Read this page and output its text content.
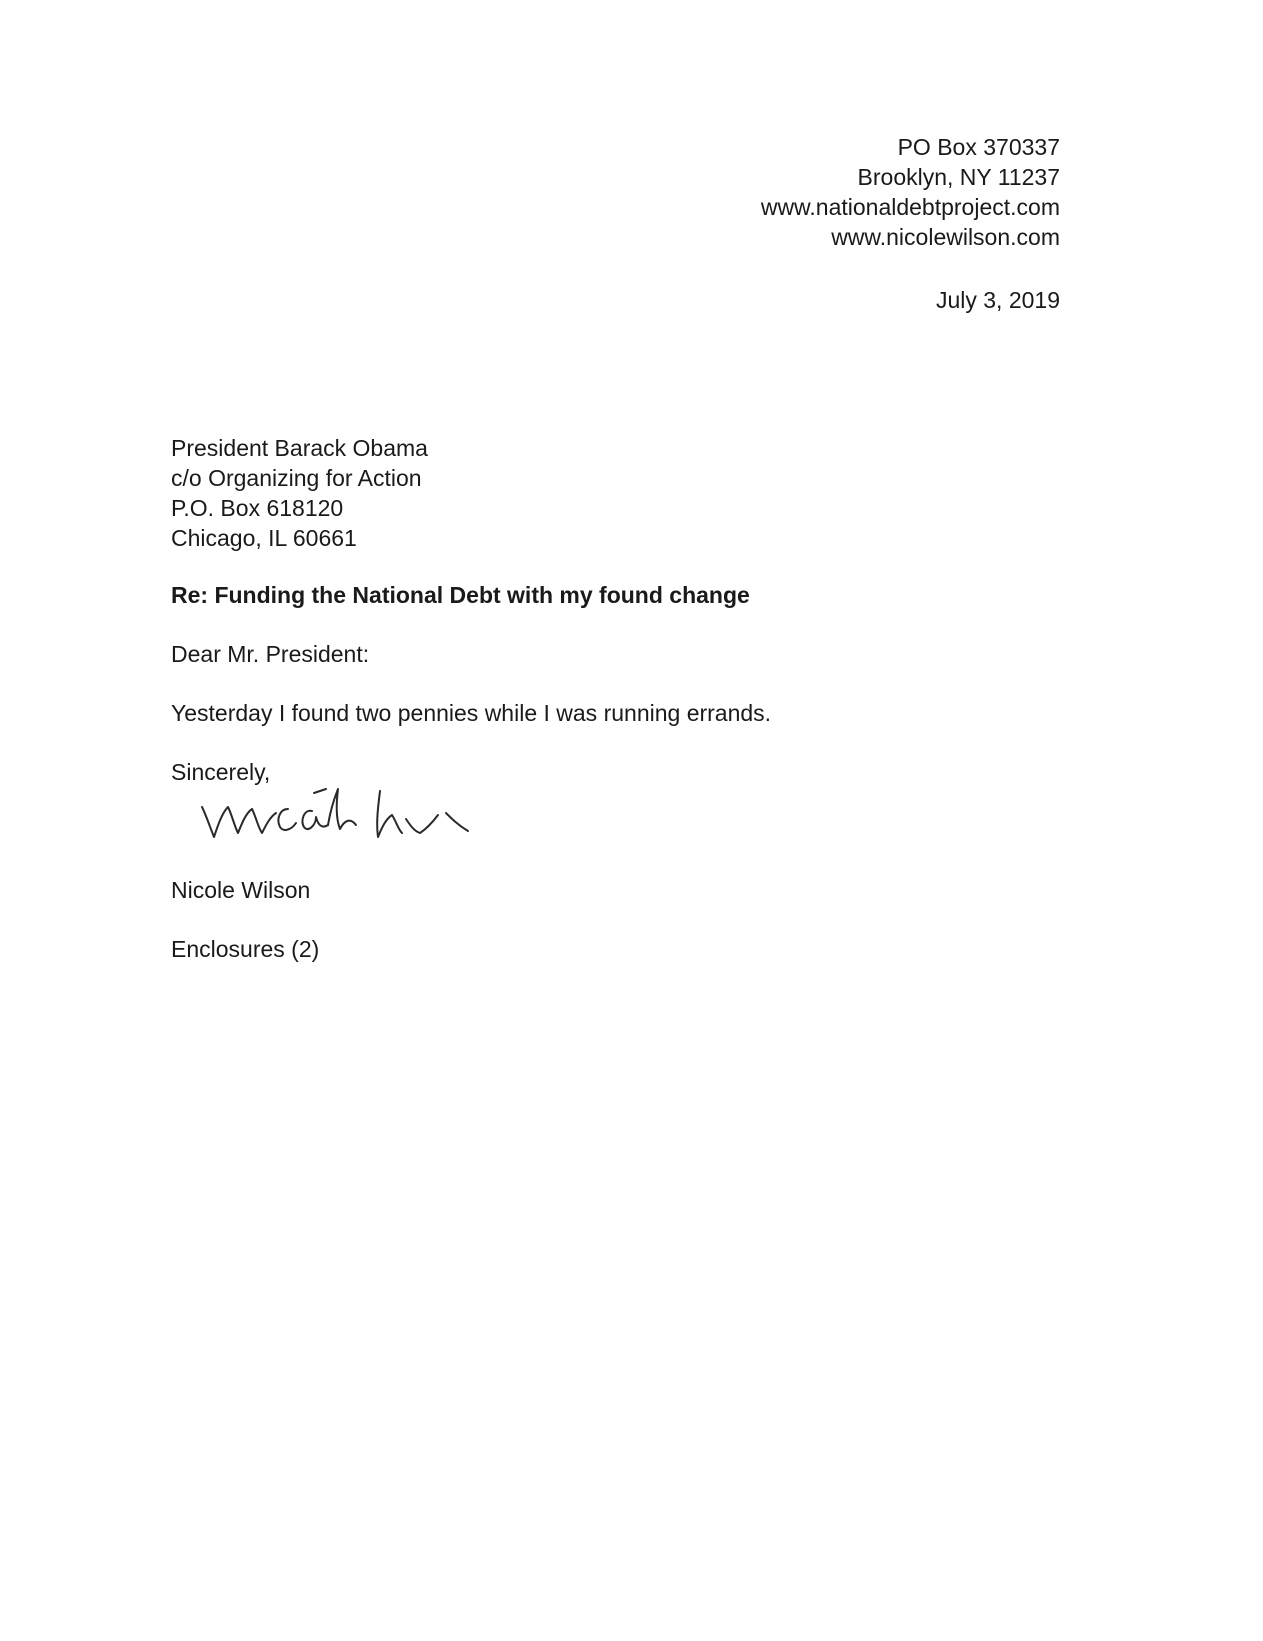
PO Box 370337
Brooklyn, NY 11237
www.nationaldebtproject.com
www.nicolewilson.com
July 3, 2019
President Barack Obama
c/o Organizing for Action
P.O. Box 618120
Chicago, IL 60661
Re: Funding the National Debt with my found change
Dear Mr. President:
Yesterday I found two pennies while I was running errands.
Sincerely,
Nicole Wilson
Enclosures (2)
